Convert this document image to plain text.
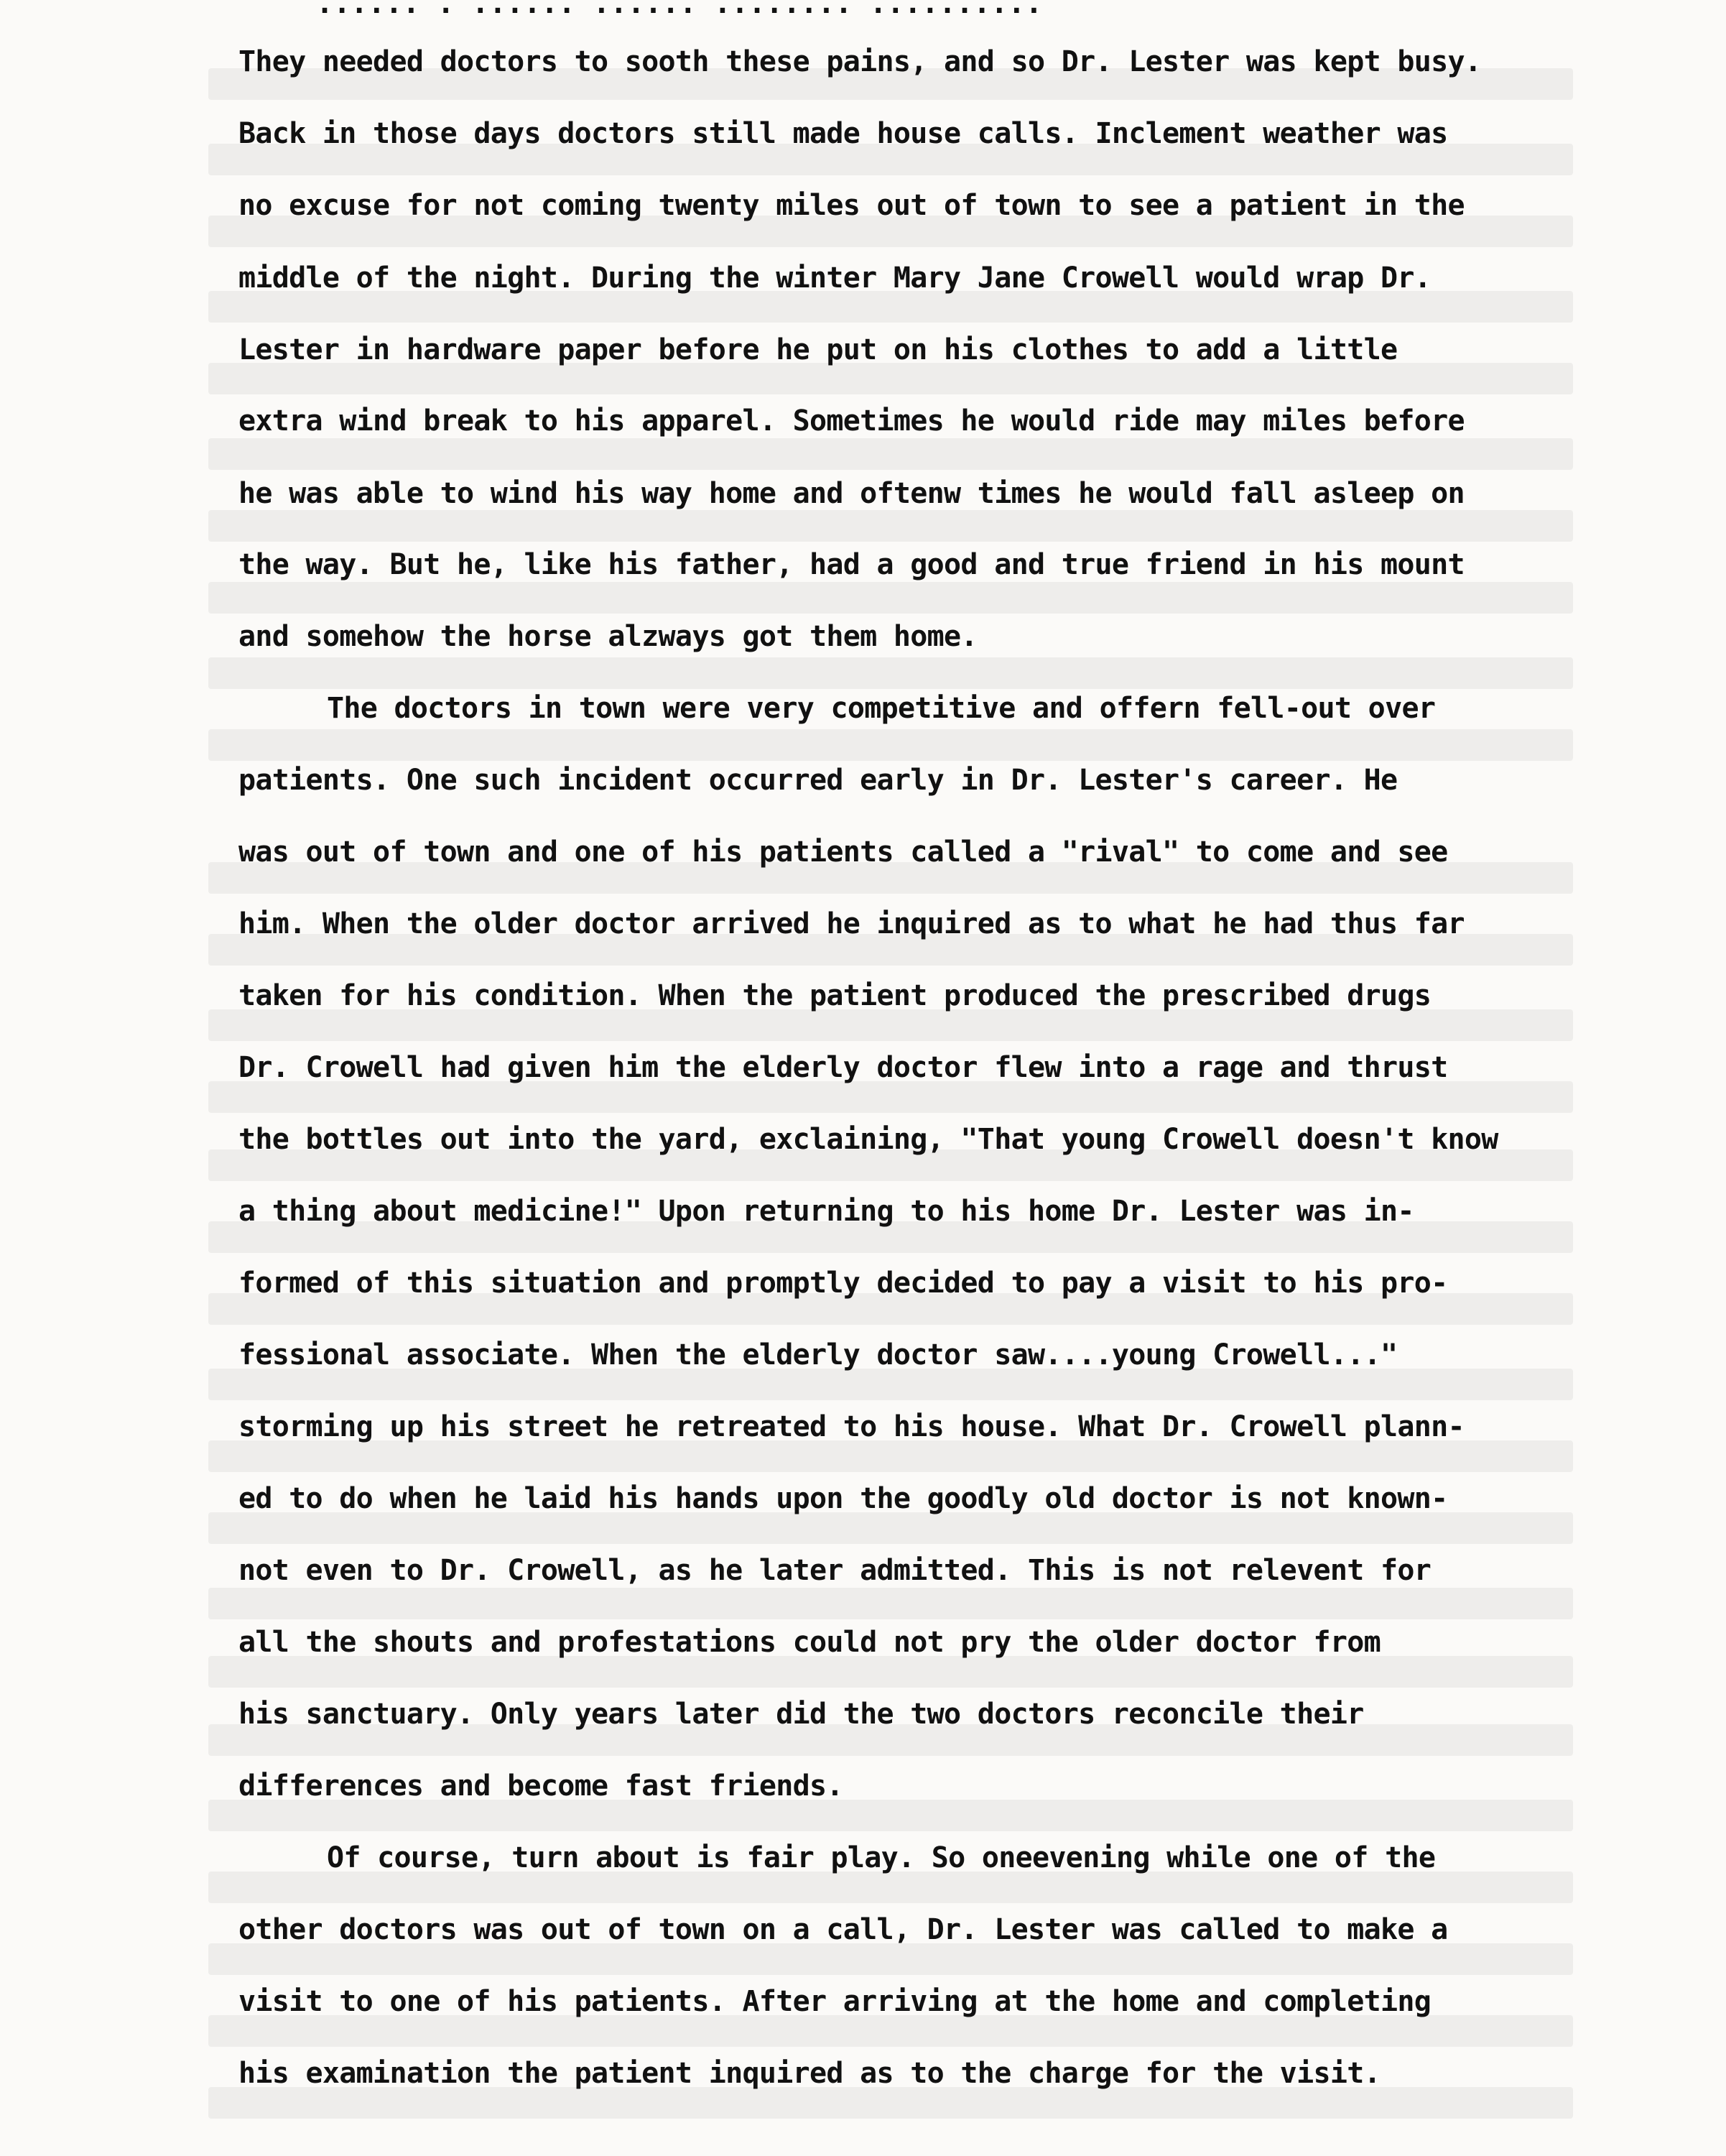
...... . ...... ...... ........ ..........

They needed doctors to sooth these pains, and so Dr. Lester was kept busy.

Back in those days doctors still made house calls. Inclement weather was

no excuse for not coming twenty miles out of town to see a patient in the

middle of the night. During the winter Mary Jane Crowell would wrap Dr.

Lester in hardware paper before he put on his clothes to add a little

extra wind break to his apparel. Sometimes he would ride may miles before

he was able to wind his way home and oftenw times he would fall asleep on

the way. But he, like his father, had a good and true friend in his mount

and somehow the horse alzways got them home.

The doctors in town were very competitive and offern fell-out over

patients. One such incident occurred early in Dr. Lester's career. He

was out of town and one of his patients called a "rival" to come and see

him. When the older doctor arrived he inquired as to what he had thus far

taken for his condition. When the patient produced the prescribed drugs

Dr. Crowell had given him the elderly doctor flew into a rage and thrust

the bottles out into the yard, exclaining, "That young Crowell doesn't know

a thing about medicine!" Upon returning to his home Dr. Lester was in-

formed of this situation and promptly decided to pay a visit to his pro-

fessional associate. When the elderly doctor saw....young Crowell..."

storming up his street he retreated to his house. What Dr. Crowell plann-

ed to do when he laid his hands upon the goodly old doctor is not known-

not even to Dr. Crowell, as he later admitted. This is not relevent for

all the shouts and profestations could not pry the older doctor from

his sanctuary. Only years later did the two doctors reconcile their

differences and become fast friends.

Of course, turn about is fair play. So oneevening while one of the

other doctors was out of town on a call, Dr. Lester was called to make a

visit to one of his patients. After arriving at the home and completing

his examination the patient inquired as to the charge for the visit.
